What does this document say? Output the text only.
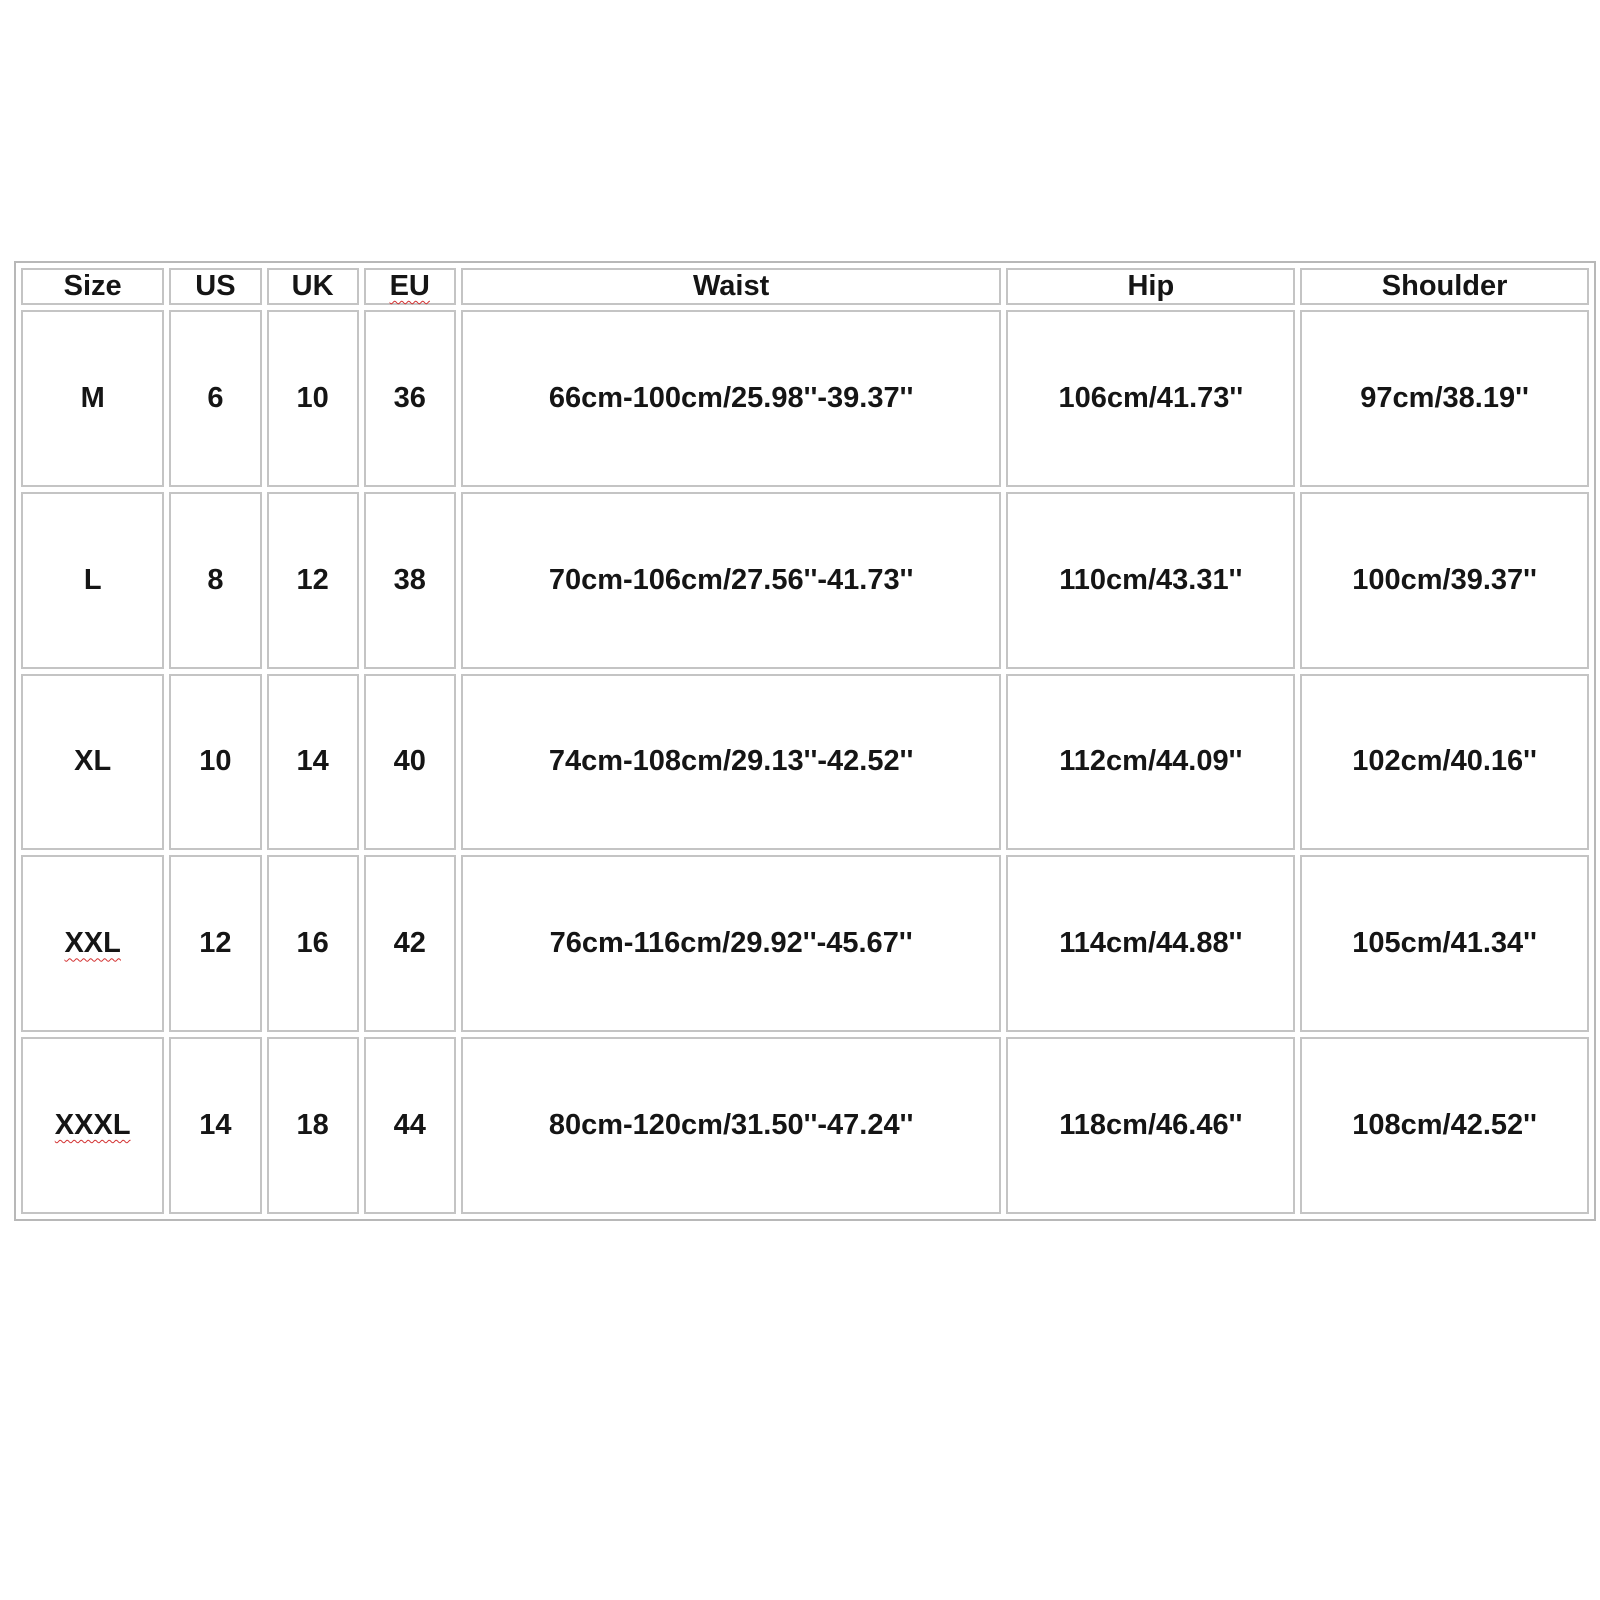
Size	US	UK	EU	Waist	Hip	Shoulder
M	6	10	36	66cm-100cm/25.98''-39.37''	106cm/41.73''	97cm/38.19''
L	8	12	38	70cm-106cm/27.56''-41.73''	110cm/43.31''	100cm/39.37''
XL	10	14	40	74cm-108cm/29.13''-42.52''	112cm/44.09''	102cm/40.16''
XXL	12	16	42	76cm-116cm/29.92''-45.67''	114cm/44.88''	105cm/41.34''
XXXL	14	18	44	80cm-120cm/31.50''-47.24''	118cm/46.46''	108cm/42.52''
